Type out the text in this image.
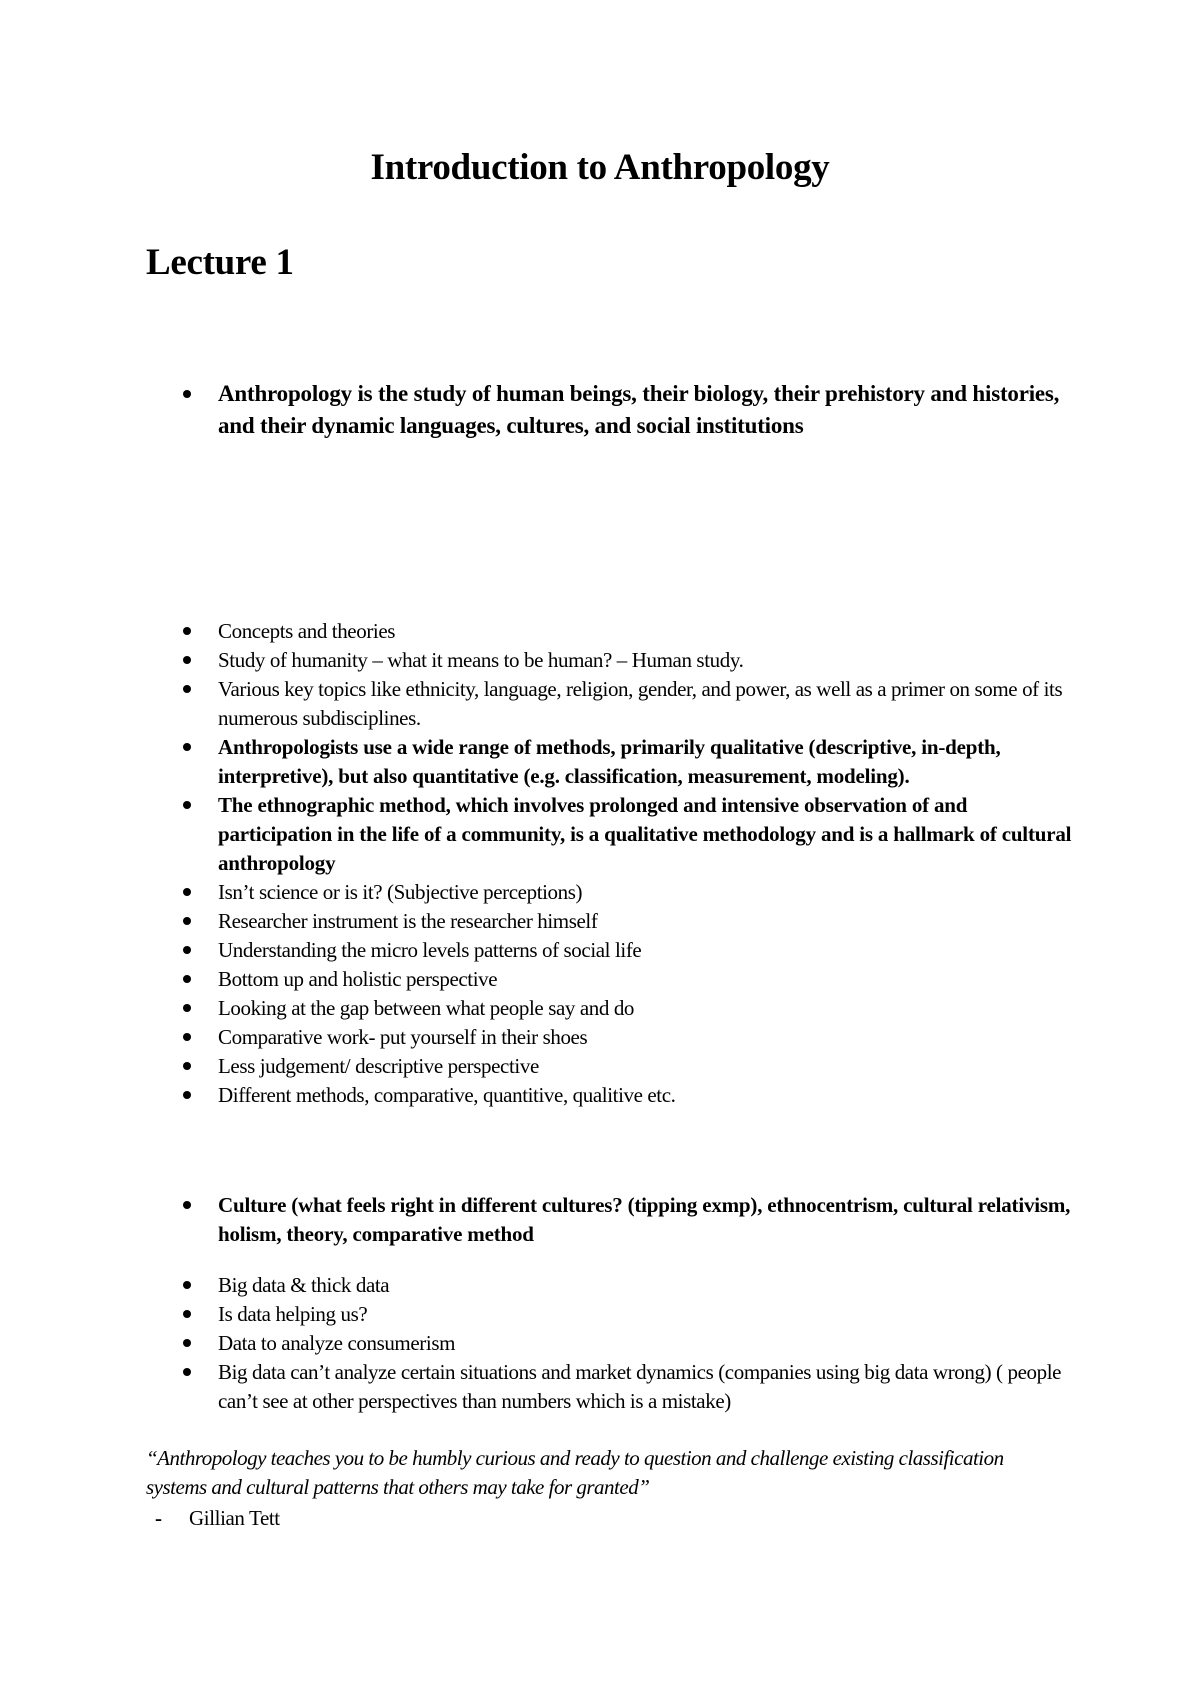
Introduction to Anthropology
Lecture 1
Anthropology is the study of human beings, their biology, their prehistory and histories, and their dynamic languages, cultures, and social institutions
Concepts and theories
Study of humanity – what it means to be human? – Human study.
Various key topics like ethnicity, language, religion, gender, and power, as well as a primer on some of its numerous subdisciplines.
Anthropologists use a wide range of methods, primarily qualitative (descriptive, in-depth, interpretive), but also quantitative (e.g. classification, measurement, modeling).
The ethnographic method, which involves prolonged and intensive observation of and participation in the life of a community, is a qualitative methodology and is a hallmark of cultural anthropology
Isn’t science or is it? (Subjective perceptions)
Researcher instrument is the researcher himself
Understanding the micro levels patterns of social life
Bottom up and holistic perspective
Looking at the gap between what people say and do
Comparative work- put yourself in their shoes
Less judgement/ descriptive perspective
Different methods, comparative, quantitive, qualitive etc.
Culture (what feels right in different cultures? (tipping exmp), ethnocentrism, cultural relativism, holism, theory, comparative method
Big data & thick data
Is data helping us?
Data to analyze consumerism
Big data can’t analyze certain situations and market dynamics (companies using big data wrong) ( people can’t see at other perspectives than numbers which is a mistake)
“Anthropology teaches you to be humbly curious and ready to question and challenge existing classification systems and cultural patterns that others may take for granted”
- Gillian Tett
